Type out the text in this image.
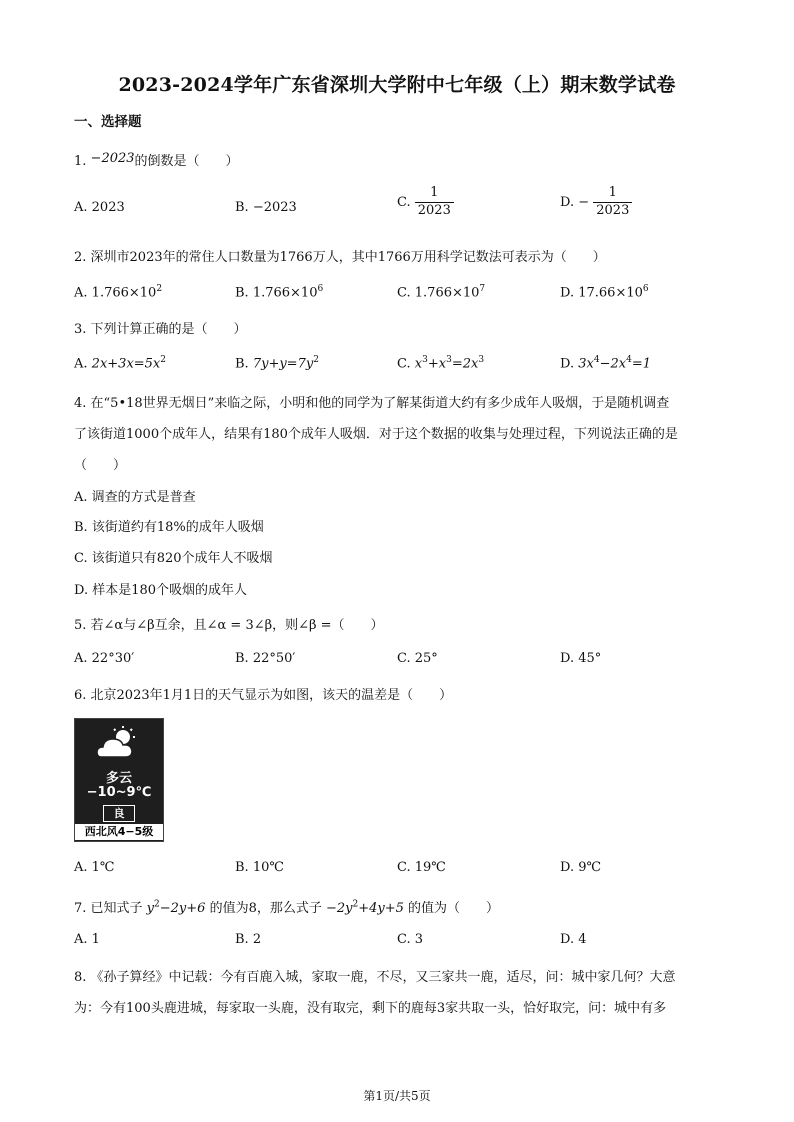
2023-2024学年广东省深圳大学附中七年级（上）期末数学试卷
一、选择题
1. −2023的倒数是（　　）
A. 2023	B. −2023	C. $\frac{1}{2023}$	D. − $\frac{1}{2023}$
2. 深圳市2023年的常住人口数量为1766万人，其中1766万用科学记数法可表示为（　　）
A. $1.766\times 10^2$	B. $1.766\times 10^6$	C. $1.766\times 10^7$	D. $17.66\times 10^6$
3. 下列计算正确的是（　　）
A. $2x+3x=5x^2$	B. $7y+y=7y^2$	C. $x^3+x^3=2x^3$	D. $3x^4-2x^4=1$
4. 在“5•18世界无烟日”来临之际，小明和他的同学为了解某街道大约有多少成年人吸烟，于是随机调查
了该街道1000个成年人，结果有180个成年人吸烟．对于这个数据的收集与处理过程，下列说法正确的是
（　　）
A. 调查的方式是普查
B. 该街道约有18%的成年人吸烟
C. 该街道只有820个成年人不吸烟
D. 样本是180个吸烟的成年人
5. 若∠α与∠β互余，且∠α = 3∠β，则∠β =（　　）
A. 22°30′	B. 22°50′	C. 25°	D. 45°
6. 北京2023年1月1日的天气显示为如图，该天的温差是（　　）
多云
−10~9℃
良
西北风4−5级
A. 1℃	B. 10℃	C. 19℃	D. 9℃
7. 已知式子 $y^2-2y+6$ 的值为8，那么式子 $-2y^2+4y+5$ 的值为（　　）
A. 1	B. 2	C. 3	D. 4
8. 《孙子算经》中记载：今有百鹿入城，家取一鹿，不尽，又三家共一鹿，适尽，问：城中家几何？大意
为：今有100头鹿进城，每家取一头鹿，没有取完，剩下的鹿每3家共取一头，恰好取完，问：城中有多
第1页/共5页
